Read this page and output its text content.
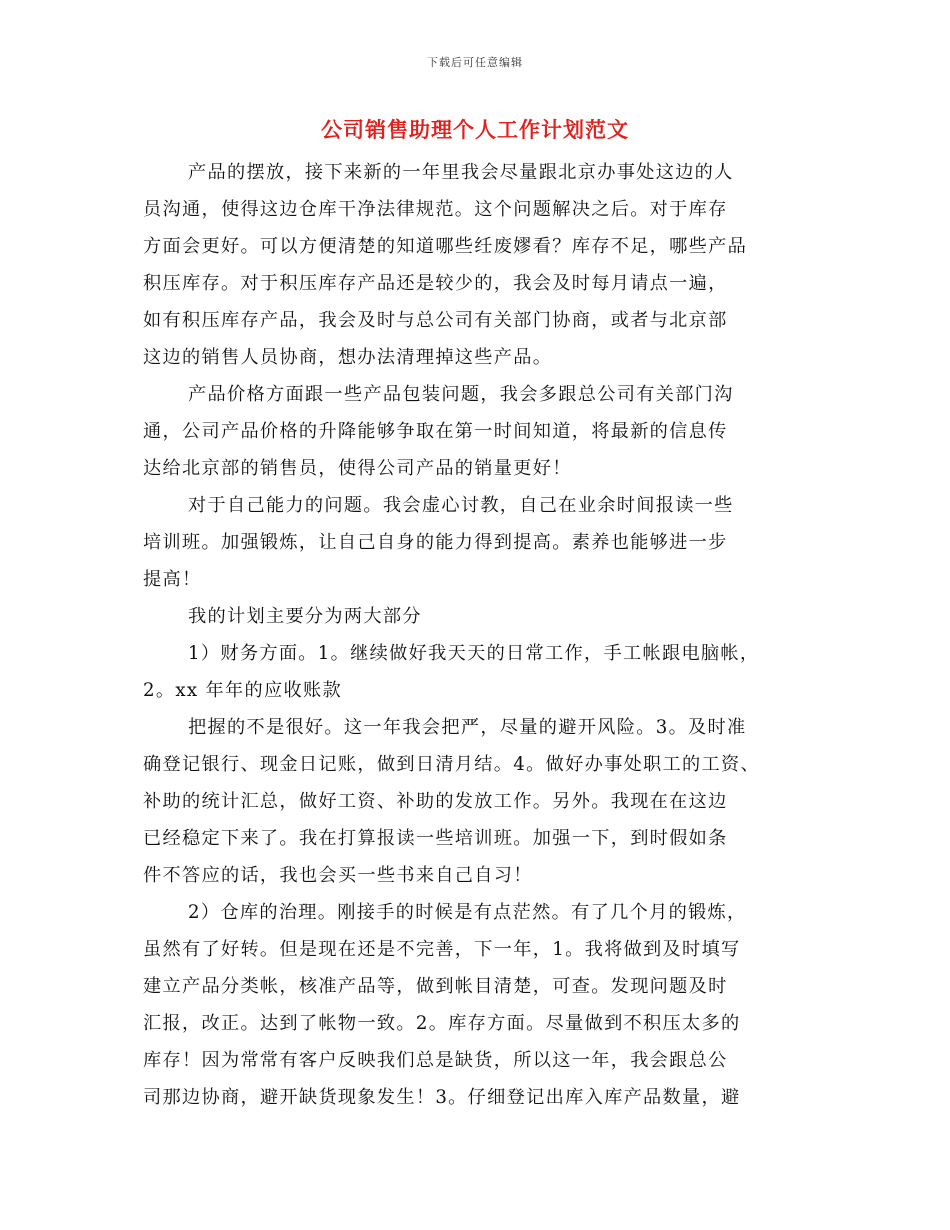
下载后可任意编辑
公司销售助理个人工作计划范文

产品的摆放，接下来新的一年里我会尽量跟北京办事处这边的人
员沟通，使得这边仓库干净法律规范。这个问题解决之后。对于库存
方面会更好。可以方便清楚的知道哪些纴废嫪看？库存不足，哪些产品
积压库存。对于积压库存产品还是较少的，我会及时每月请点一遍，
如有积压库存产品，我会及时与总公司有关部门协商，或者与北京部
这边的销售人员协商，想办法清理掉这些产品。

产品价格方面跟一些产品包装问题，我会多跟总公司有关部门沟
通，公司产品价格的升降能够争取在第一时间知道，将最新的信息传
达给北京部的销售员，使得公司产品的销量更好！

对于自己能力的问题。我会虚心讨教，自己在业余时间报读一些
培训班。加强锻炼，让自己自身的能力得到提高。素养也能够进一步
提高！

我的计划主要分为两大部分

1）财务方面。1。继续做好我天天的日常工作，手工帐跟电脑帐，
2。xx 年年的应收账款

把握的不是很好。这一年我会把严，尽量的避开风险。3。及时准
确登记银行、现金日记账，做到日清月结。4。做好办事处职工的工资、
补助的统计汇总，做好工资、补助的发放工作。另外。我现在在这边
已经稳定下来了。我在打算报读一些培训班。加强一下，到时假如条
件不答应的话，我也会买一些书来自己自习！

2）仓库的治理。刚接手的时候是有点茫然。有了几个月的锻炼，
虽然有了好转。但是现在还是不完善，下一年，1。我将做到及时填写
建立产品分类帐，核准产品等，做到帐目清楚，可查。发现问题及时
汇报，改正。达到了帐物一致。2。库存方面。尽量做到不积压太多的
库存！因为常常有客户反映我们总是缺货，所以这一年，我会跟总公
司那边协商，避开缺货现象发生！3。仔细登记出库入库产品数量，避
